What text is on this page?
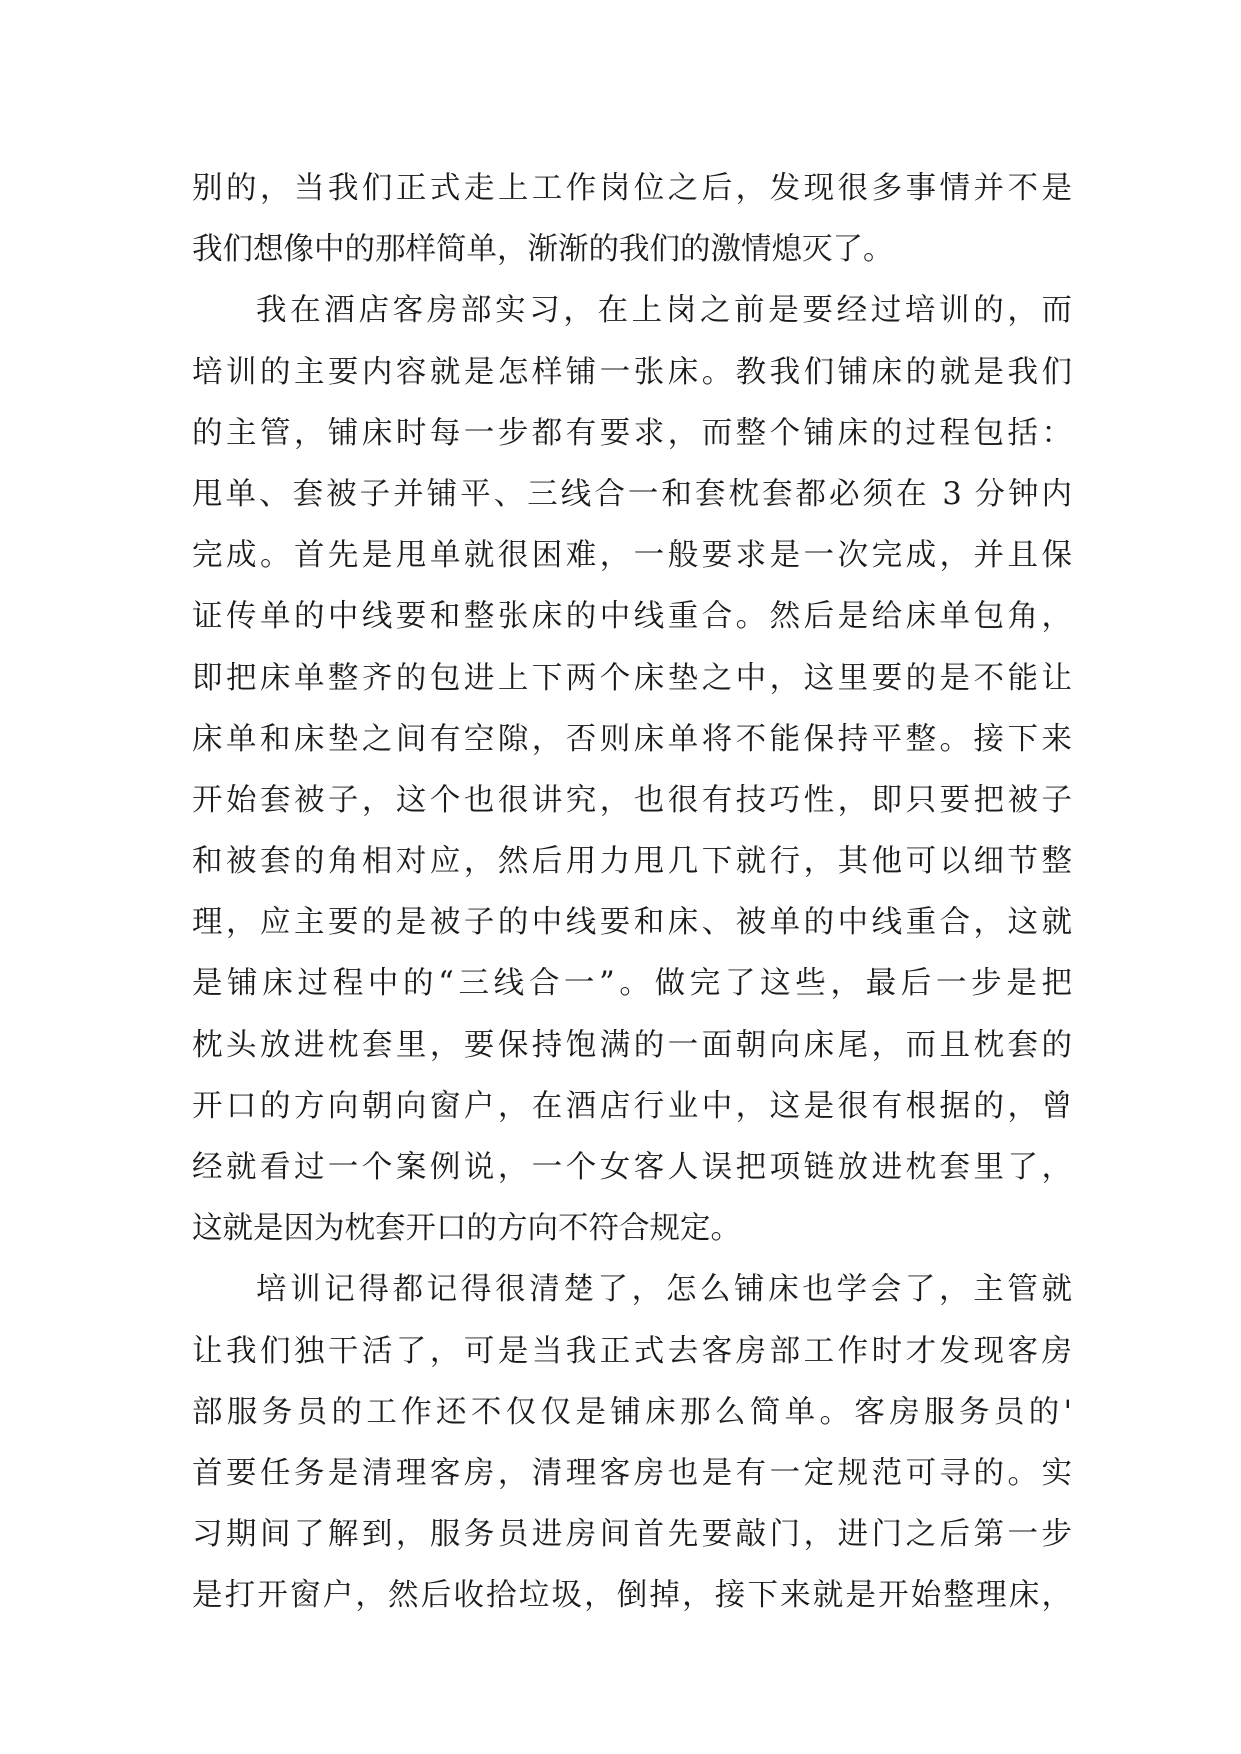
别的，当我们正式走上工作岗位之后，发现很多事情并不是
我们想像中的那样简单，渐渐的我们的激情熄灭了。
我在酒店客房部实习，在上岗之前是要经过培训的，而
培训的主要内容就是怎样铺一张床。教我们铺床的就是我们
的主管，铺床时每一步都有要求，而整个铺床的过程包括：
甩单、套被子并铺平、三线合一和套枕套都必须在 3 分钟内
完成。首先是甩单就很困难，一般要求是一次完成，并且保
证传单的中线要和整张床的中线重合。然后是给床单包角，
即把床单整齐的包进上下两个床垫之中，这里要的是不能让
床单和床垫之间有空隙，否则床单将不能保持平整。接下来
开始套被子，这个也很讲究，也很有技巧性，即只要把被子
和被套的角相对应，然后用力甩几下就行，其他可以细节整
理，应主要的是被子的中线要和床、被单的中线重合，这就
是铺床过程中的“三线合一”。做完了这些，最后一步是把
枕头放进枕套里，要保持饱满的一面朝向床尾，而且枕套的
开口的方向朝向窗户，在酒店行业中，这是很有根据的，曾
经就看过一个案例说，一个女客人误把项链放进枕套里了，
这就是因为枕套开口的方向不符合规定。
培训记得都记得很清楚了，怎么铺床也学会了，主管就
让我们独干活了，可是当我正式去客房部工作时才发现客房
部服务员的工作还不仅仅是铺床那么简单。客房服务员的'
首要任务是清理客房，清理客房也是有一定规范可寻的。实
习期间了解到，服务员进房间首先要敲门，进门之后第一步
是打开窗户，然后收拾垃圾，倒掉，接下来就是开始整理床，
